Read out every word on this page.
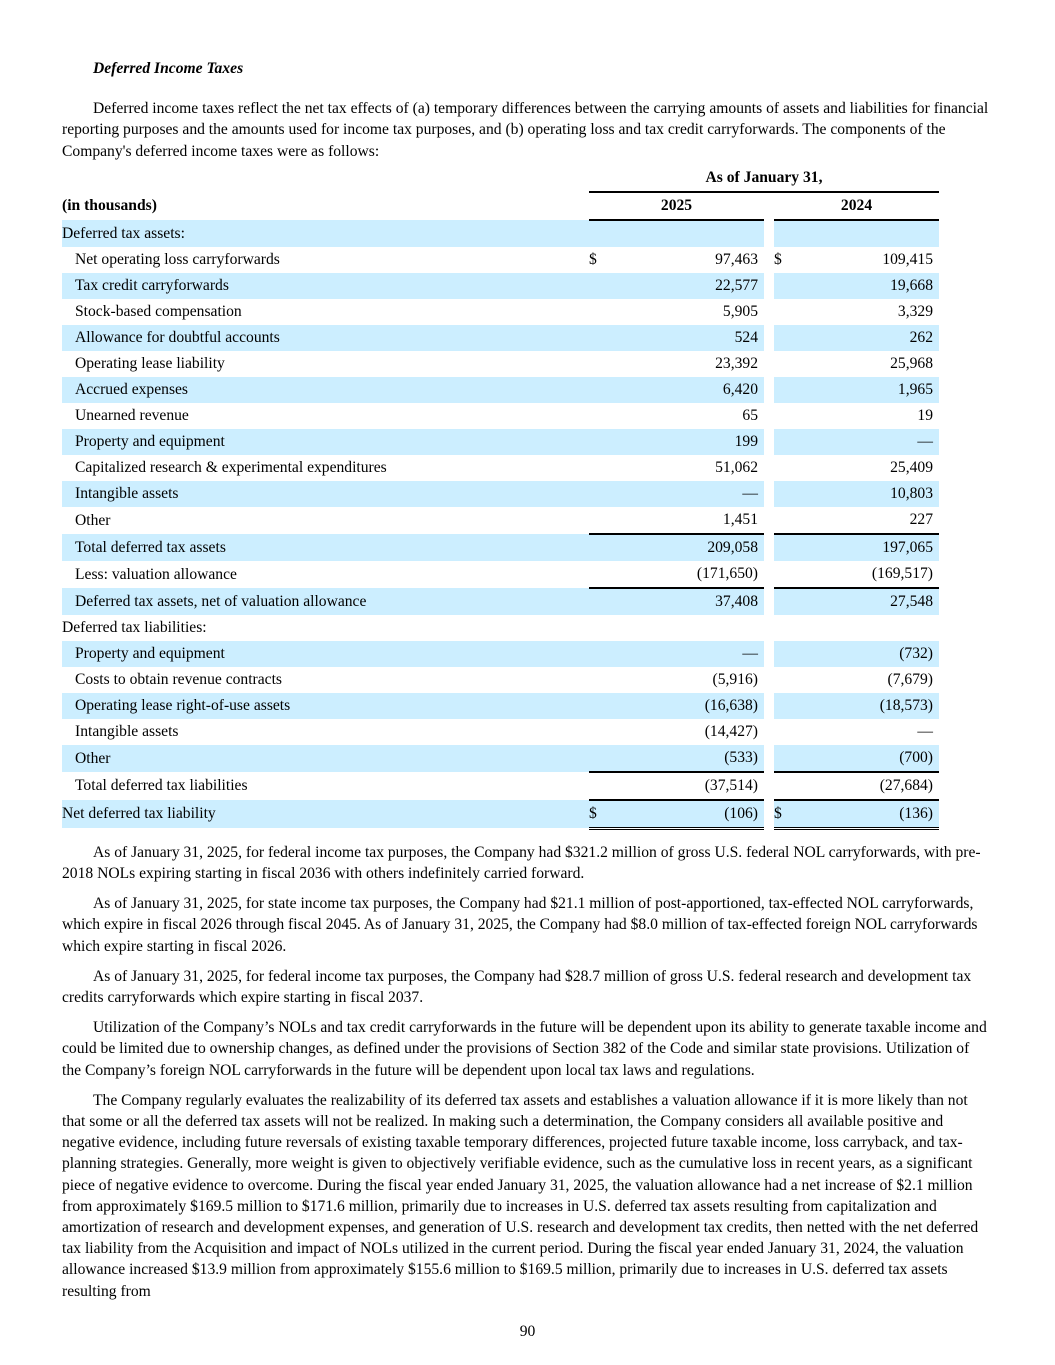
Deferred Income Taxes

Deferred income taxes reflect the net tax effects of (a) temporary differences between the carrying amounts of assets and liabilities for financial reporting purposes and the amounts used for income tax purposes, and (b) operating loss and tax credit carryforwards. The components of the Company's deferred income taxes were as follows:

	As of January 31,						
(in thousands)	2025				2024		
Deferred tax assets:							
Net operating loss carryforwards	$	97,463			$	109,415	
Tax credit carryforwards		22,577				19,668	
Stock-based compensation		5,905				3,329	
Allowance for doubtful accounts		524				262	
Operating lease liability		23,392				25,968	
Accrued expenses		6,420				1,965	
Unearned revenue		65				19	
Property and equipment		199				—	
Capitalized research & experimental expenditures		51,062				25,409	
Intangible assets		—				10,803	
Other		1,451				227	
Total deferred tax assets		209,058				197,065	
Less: valuation allowance		(171,650)				(169,517)	
Deferred tax assets, net of valuation allowance		37,408				27,548	
Deferred tax liabilities:							
Property and equipment		—				(732)	
Costs to obtain revenue contracts		(5,916)				(7,679)	
Operating lease right-of-use assets		(16,638)				(18,573)	
Intangible assets		(14,427)				—	
Other		(533)				(700)	
Total deferred tax liabilities		(37,514)				(27,684)	
Net deferred tax liability	$	(106)			$	(136)	

As of January 31, 2025, for federal income tax purposes, the Company had $321.2 million of gross U.S. federal NOL carryforwards, with pre-2018 NOLs expiring starting in fiscal 2036 with others indefinitely carried forward.

As of January 31, 2025, for state income tax purposes, the Company had $21.1 million of post-apportioned, tax-effected NOL carryforwards, which expire in fiscal 2026 through fiscal 2045. As of January 31, 2025, the Company had $8.0 million of tax-effected foreign NOL carryforwards which expire starting in fiscal 2026.

As of January 31, 2025, for federal income tax purposes, the Company had $28.7 million of gross U.S. federal research and development tax credits carryforwards which expire starting in fiscal 2037.

Utilization of the Company’s NOLs and tax credit carryforwards in the future will be dependent upon its ability to generate taxable income and could be limited due to ownership changes, as defined under the provisions of Section 382 of the Code and similar state provisions. Utilization of the Company’s foreign NOL carryforwards in the future will be dependent upon local tax laws and regulations.

The Company regularly evaluates the realizability of its deferred tax assets and establishes a valuation allowance if it is more likely than not that some or all the deferred tax assets will not be realized. In making such a determination, the Company considers all available positive and negative evidence, including future reversals of existing taxable temporary differences, projected future taxable income, loss carryback, and tax-planning strategies. Generally, more weight is given to objectively verifiable evidence, such as the cumulative loss in recent years, as a significant piece of negative evidence to overcome. During the fiscal year ended January 31, 2025, the valuation allowance had a net increase of $2.1 million from approximately $169.5 million to $171.6 million, primarily due to increases in U.S. deferred tax assets resulting from capitalization and amortization of research and development expenses, and generation of U.S. research and development tax credits, then netted with the net deferred tax liability from the Acquisition and impact of NOLs utilized in the current period. During the fiscal year ended January 31, 2024, the valuation allowance increased $13.9 million from approximately $155.6 million to $169.5 million, primarily due to increases in U.S. deferred tax assets resulting from

90
